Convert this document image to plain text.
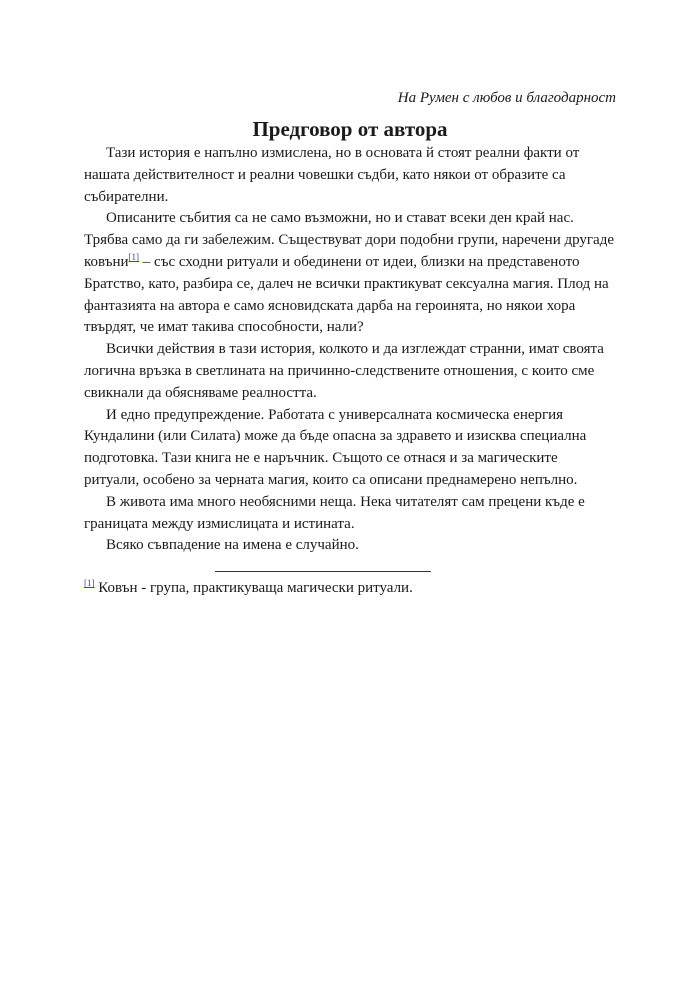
На Румен с любов и благодарност
Предговор от автора

Тази история е напълно измислена, но в основата й стоят реални факти от нашата действителност и реални човешки съдби, като някои от образите са събирателни.

Описаните събития са не само възможни, но и стават всеки ден край нас. Трябва само да ги забележим. Съществуват дори подобни групи, наречени другаде ковъни[1] – със сходни ритуали и обединени от идеи, близки на представеното Братство, като, разбира се, далеч не всички практикуват сексуална магия. Плод на фантазията на автора е само ясновидската дарба на героинята, но някои хора твърдят, че имат такива способности, нали?

Всички действия в тази история, колкото и да изглеждат странни, имат своята логична връзка в светлината на причинно-следствените отношения, с които сме свикнали да обясняваме реалността.

И едно предупреждение. Работата с универсалната космическа енергия Кундалини (или Силата) може да бъде опасна за здравето и изисква специална подготовка. Тази книга не е наръчник. Същото се отнася и за магическите ритуали, особено за черната магия, които са описани преднамерено непълно.

В живота има много необясними неща. Нека читателят сам прецени къде е границата между измислицата и истината.

Всяко съвпадение на имена е случайно.

[1] Ковън - група, практикуваща магически ритуали.
